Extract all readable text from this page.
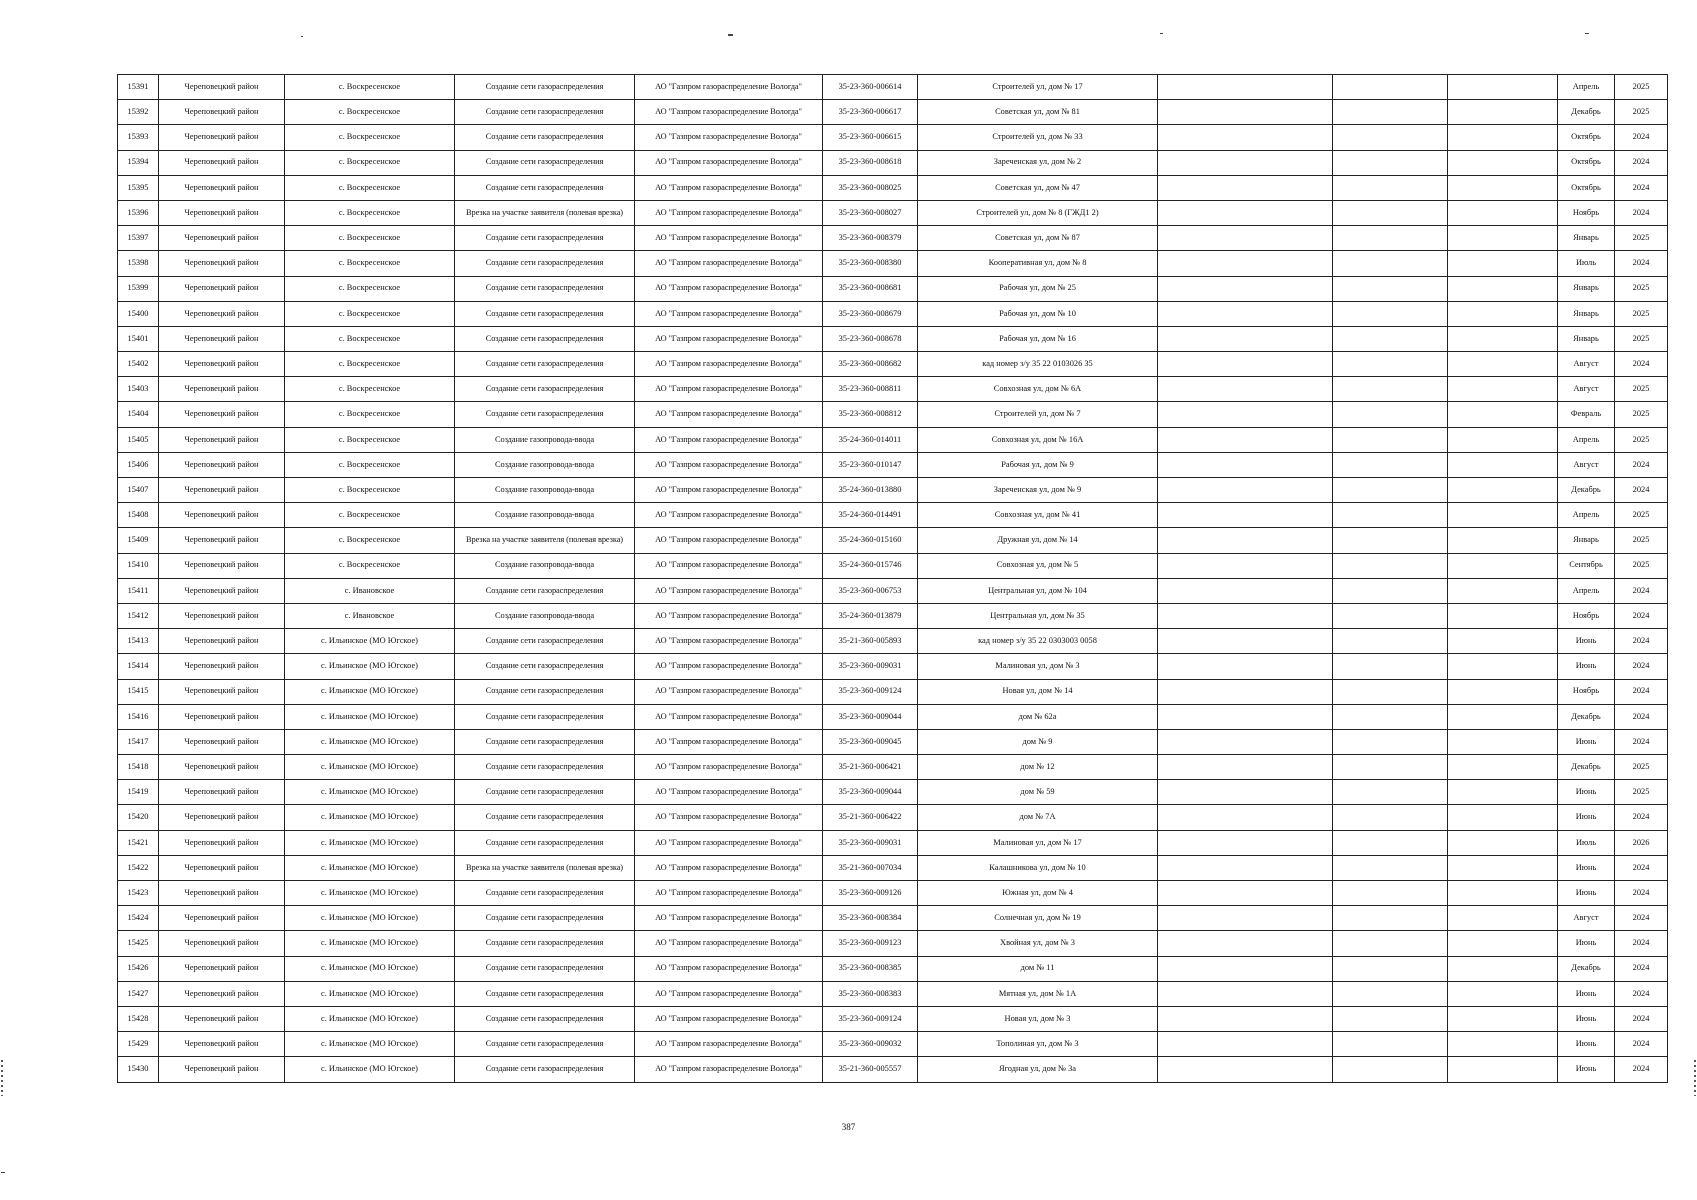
15391	Череповецкий район	с. Воскресенское	Создание сети газораспределения	АО "Газпром газораспределение Вологда"	35-23-360-006614	Строителей ул, дом № 17				Апрель	2025
15392	Череповецкий район	с. Воскресенское	Создание сети газораспределения	АО "Газпром газораспределение Вологда"	35-23-360-006617	Советская ул, дом № 81				Декабрь	2025
15393	Череповецкий район	с. Воскресенское	Создание сети газораспределения	АО "Газпром газораспределение Вологда"	35-23-360-006615	Строителей ул, дом № 33				Октябрь	2024
15394	Череповецкий район	с. Воскресенское	Создание сети газораспределения	АО "Газпром газораспределение Вологда"	35-23-360-008618	Зареченская ул, дом № 2				Октябрь	2024
15395	Череповецкий район	с. Воскресенское	Создание сети газораспределения	АО "Газпром газораспределение Вологда"	35-23-360-008025	Советская ул, дом № 47				Октябрь	2024
15396	Череповецкий район	с. Воскресенское	Врезка на участке заявителя (полевая врезка)	АО "Газпром газораспределение Вологда"	35-23-360-008027	Строителей ул, дом № 8 (ГЖД1 2)				Ноябрь	2024
15397	Череповецкий район	с. Воскресенское	Создание сети газораспределения	АО "Газпром газораспределение Вологда"	35-23-360-008379	Советская ул, дом № 87				Январь	2025
15398	Череповецкий район	с. Воскресенское	Создание сети газораспределения	АО "Газпром газораспределение Вологда"	35-23-360-008380	Кооперативная ул, дом № 8				Июль	2024
15399	Череповецкий район	с. Воскресенское	Создание сети газораспределения	АО "Газпром газораспределение Вологда"	35-23-360-008681	Рабочая ул, дом № 25				Январь	2025
15400	Череповецкий район	с. Воскресенское	Создание сети газораспределения	АО "Газпром газораспределение Вологда"	35-23-360-008679	Рабочая ул, дом № 10				Январь	2025
15401	Череповецкий район	с. Воскресенское	Создание сети газораспределения	АО "Газпром газораспределение Вологда"	35-23-360-008678	Рабочая ул, дом № 16				Январь	2025
15402	Череповецкий район	с. Воскресенское	Создание сети газораспределения	АО "Газпром газораспределение Вологда"	35-23-360-008682	кад номер з/у 35 22 0103026 35				Август	2024
15403	Череповецкий район	с. Воскресенское	Создание сети газораспределения	АО "Газпром газораспределение Вологда"	35-23-360-008811	Совхозная ул, дом № 6А				Август	2025
15404	Череповецкий район	с. Воскресенское	Создание сети газораспределения	АО "Газпром газораспределение Вологда"	35-23-360-008812	Строителей ул, дом № 7				Февраль	2025
15405	Череповецкий район	с. Воскресенское	Создание газопровода-ввода	АО "Газпром газораспределение Вологда"	35-24-360-014011	Совхозная ул, дом № 16А				Апрель	2025
15406	Череповецкий район	с. Воскресенское	Создание газопровода-ввода	АО "Газпром газораспределение Вологда"	35-23-360-010147	Рабочая ул, дом № 9				Август	2024
15407	Череповецкий район	с. Воскресенское	Создание газопровода-ввода	АО "Газпром газораспределение Вологда"	35-24-360-013880	Зареченская ул, дом № 9				Декабрь	2024
15408	Череповецкий район	с. Воскресенское	Создание газопровода-ввода	АО "Газпром газораспределение Вологда"	35-24-360-014491	Совхозная ул, дом № 41				Апрель	2025
15409	Череповецкий район	с. Воскресенское	Врезка на участке заявителя (полевая врезка)	АО "Газпром газораспределение Вологда"	35-24-360-015160	Дружная ул, дом № 14				Январь	2025
15410	Череповецкий район	с. Воскресенское	Создание газопровода-ввода	АО "Газпром газораспределение Вологда"	35-24-360-015746	Совхозная ул, дом № 5				Сентябрь	2025
15411	Череповецкий район	с. Ивановское	Создание сети газораспределения	АО "Газпром газораспределение Вологда"	35-23-360-006753	Центральная ул, дом № 104				Апрель	2024
15412	Череповецкий район	с. Ивановское	Создание газопровода-ввода	АО "Газпром газораспределение Вологда"	35-24-360-013879	Центральная ул, дом № 35				Ноябрь	2024
15413	Череповецкий район	с. Ильинское (МО Югское)	Создание сети газораспределения	АО "Газпром газораспределение Вологда"	35-21-360-005893	кад номер з/у 35 22 0303003 0058				Июнь	2024
15414	Череповецкий район	с. Ильинское (МО Югское)	Создание сети газораспределения	АО "Газпром газораспределение Вологда"	35-23-360-009031	Малиновая ул, дом № 3				Июнь	2024
15415	Череповецкий район	с. Ильинское (МО Югское)	Создание сети газораспределения	АО "Газпром газораспределение Вологда"	35-23-360-009124	Новая ул, дом № 14				Ноябрь	2024
15416	Череповецкий район	с. Ильинское (МО Югское)	Создание сети газораспределения	АО "Газпром газораспределение Вологда"	35-23-360-009044	дом № 62а				Декабрь	2024
15417	Череповецкий район	с. Ильинское (МО Югское)	Создание сети газораспределения	АО "Газпром газораспределение Вологда"	35-23-360-009045	дом № 9				Июнь	2024
15418	Череповецкий район	с. Ильинское (МО Югское)	Создание сети газораспределения	АО "Газпром газораспределение Вологда"	35-21-360-006421	дом № 12				Декабрь	2025
15419	Череповецкий район	с. Ильинское (МО Югское)	Создание сети газораспределения	АО "Газпром газораспределение Вологда"	35-23-360-009044	дом № 59				Июнь	2025
15420	Череповецкий район	с. Ильинское (МО Югское)	Создание сети газораспределения	АО "Газпром газораспределение Вологда"	35-21-360-006422	дом № 7А				Июнь	2024
15421	Череповецкий район	с. Ильинское (МО Югское)	Создание сети газораспределения	АО "Газпром газораспределение Вологда"	35-23-360-009031	Малиновая ул, дом № 17				Июль	2026
15422	Череповецкий район	с. Ильинское (МО Югское)	Врезка на участке заявителя (полевая врезка)	АО "Газпром газораспределение Вологда"	35-21-360-007034	Калашникова ул, дом № 10				Июнь	2024
15423	Череповецкий район	с. Ильинское (МО Югское)	Создание сети газораспределения	АО "Газпром газораспределение Вологда"	35-23-360-009126	Южная ул, дом № 4				Июнь	2024
15424	Череповецкий район	с. Ильинское (МО Югское)	Создание сети газораспределения	АО "Газпром газораспределение Вологда"	35-23-360-008384	Солнечная ул, дом № 19				Август	2024
15425	Череповецкий район	с. Ильинское (МО Югское)	Создание сети газораспределения	АО "Газпром газораспределение Вологда"	35-23-360-009123	Хвойная ул, дом № 3				Июнь	2024
15426	Череповецкий район	с. Ильинское (МО Югское)	Создание сети газораспределения	АО "Газпром газораспределение Вологда"	35-23-360-008385	дом № 11				Декабрь	2024
15427	Череповецкий район	с. Ильинское (МО Югское)	Создание сети газораспределения	АО "Газпром газораспределение Вологда"	35-23-360-008383	Мятная ул, дом № 1А				Июнь	2024
15428	Череповецкий район	с. Ильинское (МО Югское)	Создание сети газораспределения	АО "Газпром газораспределение Вологда"	35-23-360-009124	Новая ул, дом № 3				Июнь	2024
15429	Череповецкий район	с. Ильинское (МО Югское)	Создание сети газораспределения	АО "Газпром газораспределение Вологда"	35-23-360-009032	Тополиная ул, дом № 3				Июнь	2024
15430	Череповецкий район	с. Ильинское (МО Югское)	Создание сети газораспределения	АО "Газпром газораспределение Вологда"	35-21-360-005557	Ягодная ул, дом № 3а				Июнь	2024
387
